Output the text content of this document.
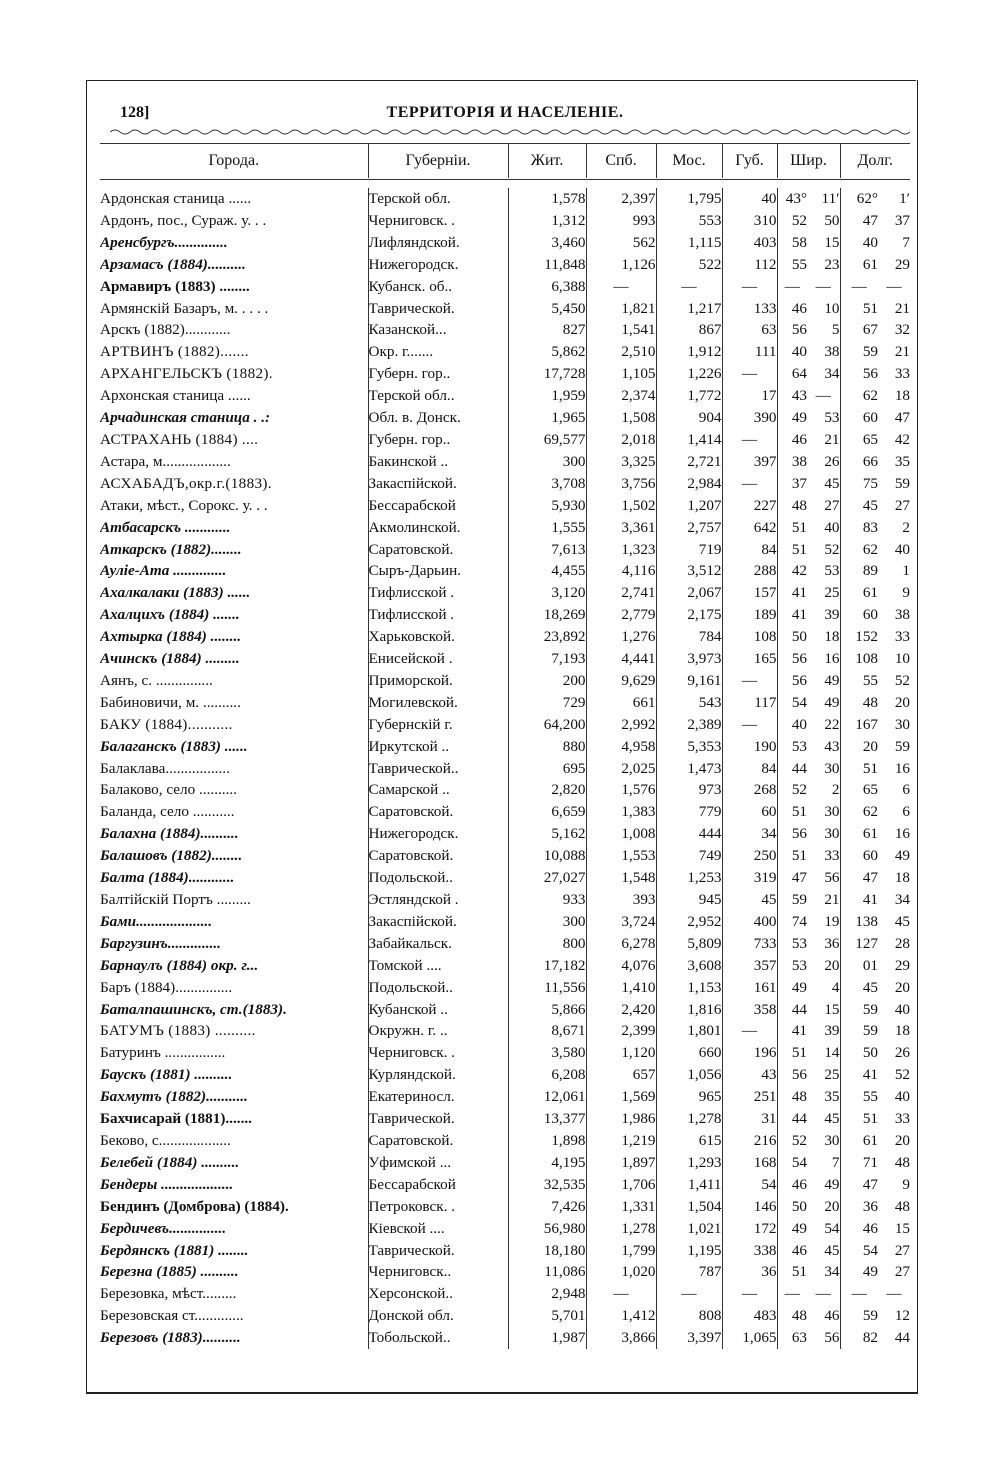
128]	ТЕРРИТОРІЯ И НАСЕЛЕНІЕ.
Города.	Губерніи.	Жит.	Спб.	Мос.	Губ.	Шир.	Долг.
Ардонская станица ......	Терской обл.	1,578	2,397	1,795	40	43°	11′	62°	1′
Ардонъ, пос., Сураж. у. . .	Черниговск. .	1,312	993	553	310	52	50	47	37
Аренсбургъ..............	Лифляндской.	3,460	562	1,115	403	58	15	40	7
Арзамасъ (1884)..........	Нижегородск.	11,848	1,126	522	112	55	23	61	29
Армавиръ (1883) ........	Кубанск. об..	6,388	—	—	—	—	—	—	—
Армянскій Базаръ, м. . . . .	Таврической.	5,450	1,821	1,217	133	46	10	51	21
Арскъ (1882)............	Казанской...	827	1,541	867	63	56	5	67	32
АРТВИНЪ (1882).......	Окр. г.......	5,862	2,510	1,912	111	40	38	59	21
АРХАНГЕЛЬСКЪ (1882).	Губерн. гор..	17,728	1,105	1,226	—	64	34	56	33
Архонская станица ......	Терской обл..	1,959	2,374	1,772	17	43	—	62	18
Арчадинская станица . .:	Обл. в. Донск.	1,965	1,508	904	390	49	53	60	47
АСТРАХАНЬ (1884) ....	Губерн. гор..	69,577	2,018	1,414	—	46	21	65	42
Астара, м..................	Бакинской ..	300	3,325	2,721	397	38	26	66	35
АСХАБАДЪ,окр.г.(1883).	Закаспійской.	3,708	3,756	2,984	—	37	45	75	59
Атаки, мѣст., Сорокс. у. . .	Бессарабской	5,930	1,502	1,207	227	48	27	45	27
Атбасарскъ ............	Акмолинской.	1,555	3,361	2,757	642	51	40	83	2
Аткарскъ (1882)........	Саратовской.	7,613	1,323	719	84	51	52	62	40
Аулiе-Ата ..............	Сыръ-Дарьин.	4,455	4,116	3,512	288	42	53	89	1
Ахалкалаки (1883) ......	Тифлисской .	3,120	2,741	2,067	157	41	25	61	9
Ахалцихъ (1884) .......	Тифлисской .	18,269	2,779	2,175	189	41	39	60	38
Ахтырка (1884) ........	Харьковской.	23,892	1,276	784	108	50	18	152	33
Ачинскъ (1884) .........	Енисейской .	7,193	4,441	3,973	165	56	16	108	10
Аянъ, с. ...............	Приморской.	200	9,629	9,161	—	56	49	55	52
Бабиновичи, м. ..........	Могилевской.	729	661	543	117	54	49	48	20
БАКУ (1884)...........	Губернскій г.	64,200	2,992	2,389	—	40	22	167	30
Балаганскъ (1883) ......	Иркутской ..	880	4,958	5,353	190	53	43	20	59
Балаклава.................	Таврической..	695	2,025	1,473	84	44	30	51	16
Балаково, село ..........	Самарской ..	2,820	1,576	973	268	52	2	65	6
Баланда, село ...........	Саратовской.	6,659	1,383	779	60	51	30	62	6
Балахна (1884)..........	Нижегородск.	5,162	1,008	444	34	56	30	61	16
Балашовъ (1882)........	Саратовской.	10,088	1,553	749	250	51	33	60	49
Балта (1884)............	Подольской..	27,027	1,548	1,253	319	47	56	47	18
Балтійскій Портъ .........	Эстляндской .	933	393	945	45	59	21	41	34
Бами....................	Закаспійской.	300	3,724	2,952	400	74	19	138	45
Баргузинъ..............	Забайкальск.	800	6,278	5,809	733	53	36	127	28
Барнаулъ (1884) окр. г...	Томской ....	17,182	4,076	3,608	357	53	20	01	29
Баръ (1884)...............	Подольской..	11,556	1,410	1,153	161	49	4	45	20
Баталпашинскъ, ст.(1883).	Кубанской ..	5,866	2,420	1,816	358	44	15	59	40
БАТУМЪ (1883) ..........	Окружн. г. ..	8,671	2,399	1,801	—	41	39	59	18
Батуринъ ................	Черниговск. .	3,580	1,120	660	196	51	14	50	26
Баускъ (1881) ..........	Курляндской.	6,208	657	1,056	43	56	25	41	52
Бахмутъ (1882)...........	Екатериносл.	12,061	1,569	965	251	48	35	55	40
Бахчисарай (1881).......	Таврической.	13,377	1,986	1,278	31	44	45	51	33
Беково, с...................	Саратовской.	1,898	1,219	615	216	52	30	61	20
Белебей (1884) ..........	Уфимской ...	4,195	1,897	1,293	168	54	7	71	48
Бендеры ...................	Бессарабской	32,535	1,706	1,411	54	46	49	47	9
Бендинъ (Домброва) (1884).	Петроковск. .	7,426	1,331	1,504	146	50	20	36	48
Бердичевъ...............	Кіевской ....	56,980	1,278	1,021	172	49	54	46	15
Бердянскъ (1881) ........	Таврической.	18,180	1,799	1,195	338	46	45	54	27
Березна (1885) ..........	Черниговск..	11,086	1,020	787	36	51	34	49	27
Березовка, мѣст.........	Херсонской..	2,948	—	—	—	—	—	—	—
Березовская ст.............	Донской обл.	5,701	1,412	808	483	48	46	59	12
Березовъ (1883)..........	Тобольской..	1,987	3,866	3,397	1,065	63	56	82	44
